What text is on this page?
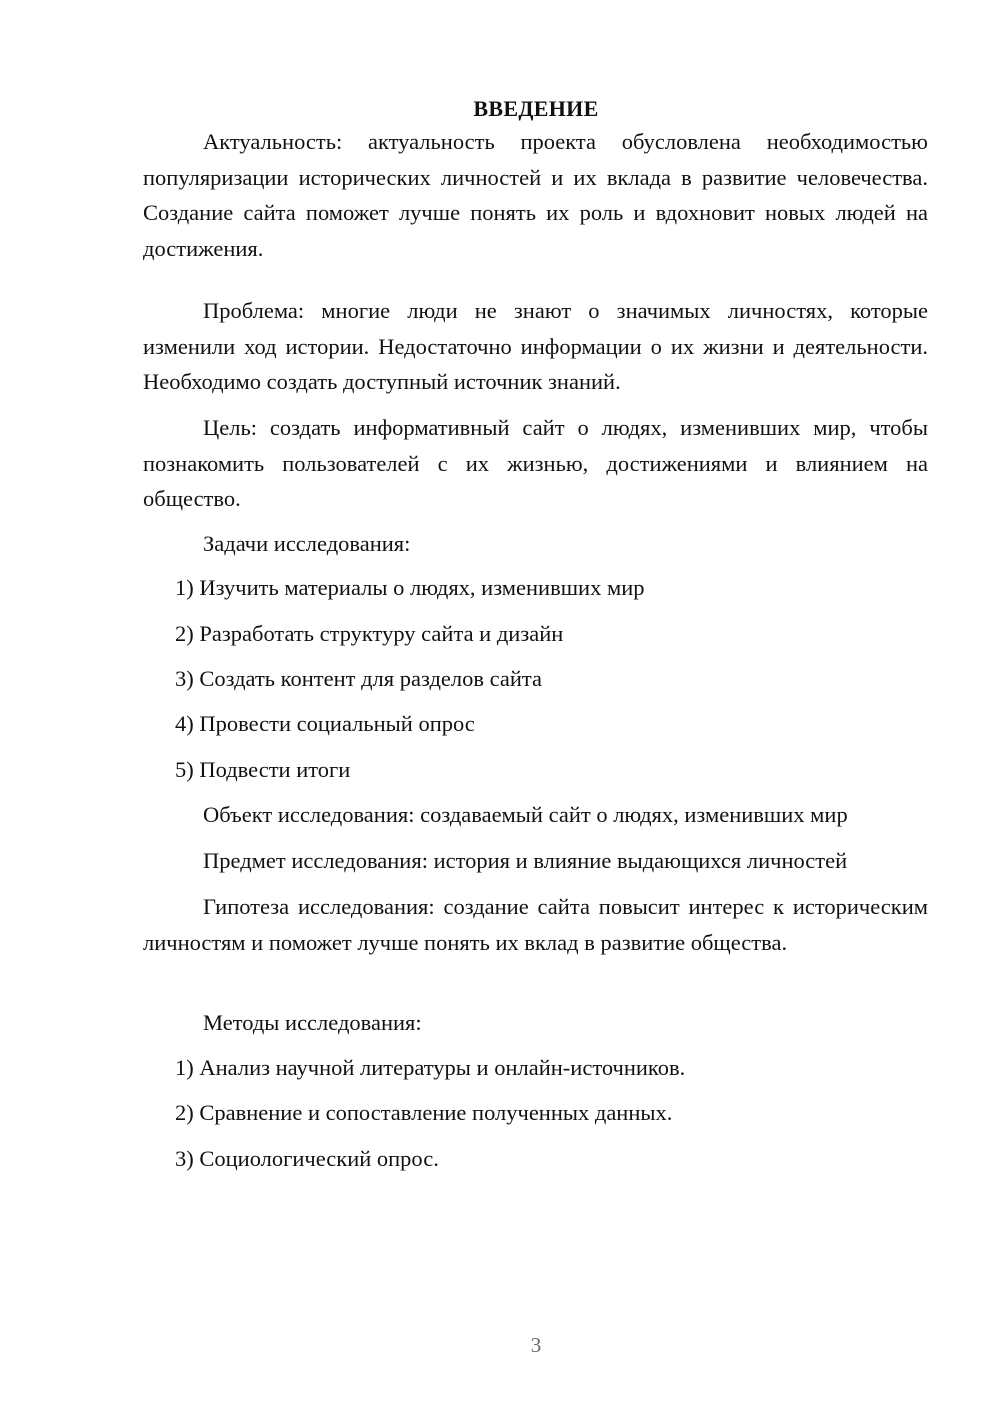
ВВЕДЕНИЕ

Актуальность: актуальность проекта обусловлена необходимостью популяризации исторических личностей и их вклада в развитие человечества. Создание сайта поможет лучше понять их роль и вдохновит новых людей на достижения.

Проблема: многие люди не знают о значимых личностях, которые изменили ход истории. Недостаточно информации о их жизни и деятельности. Необходимо создать доступный источник знаний.

Цель: создать информативный сайт о людях, изменивших мир, чтобы познакомить пользователей с их жизнью, достижениями и влиянием на общество.

Задачи исследования:
1) Изучить материалы о людях, изменивших мир
2) Разработать структуру сайта и дизайн
3) Создать контент для разделов сайта
4) Провести социальный опрос
5) Подвести итоги
Объект исследования: создаваемый сайт о людях, изменивших мир
Предмет исследования: история и влияние выдающихся личностей

Гипотеза исследования: создание сайта повысит интерес к историческим личностям и поможет лучше понять их вклад в развитие общества.

Методы исследования:
1) Анализ научной литературы и онлайн-источников.
2) Сравнение и сопоставление полученных данных.
3) Социологический опрос.
3
